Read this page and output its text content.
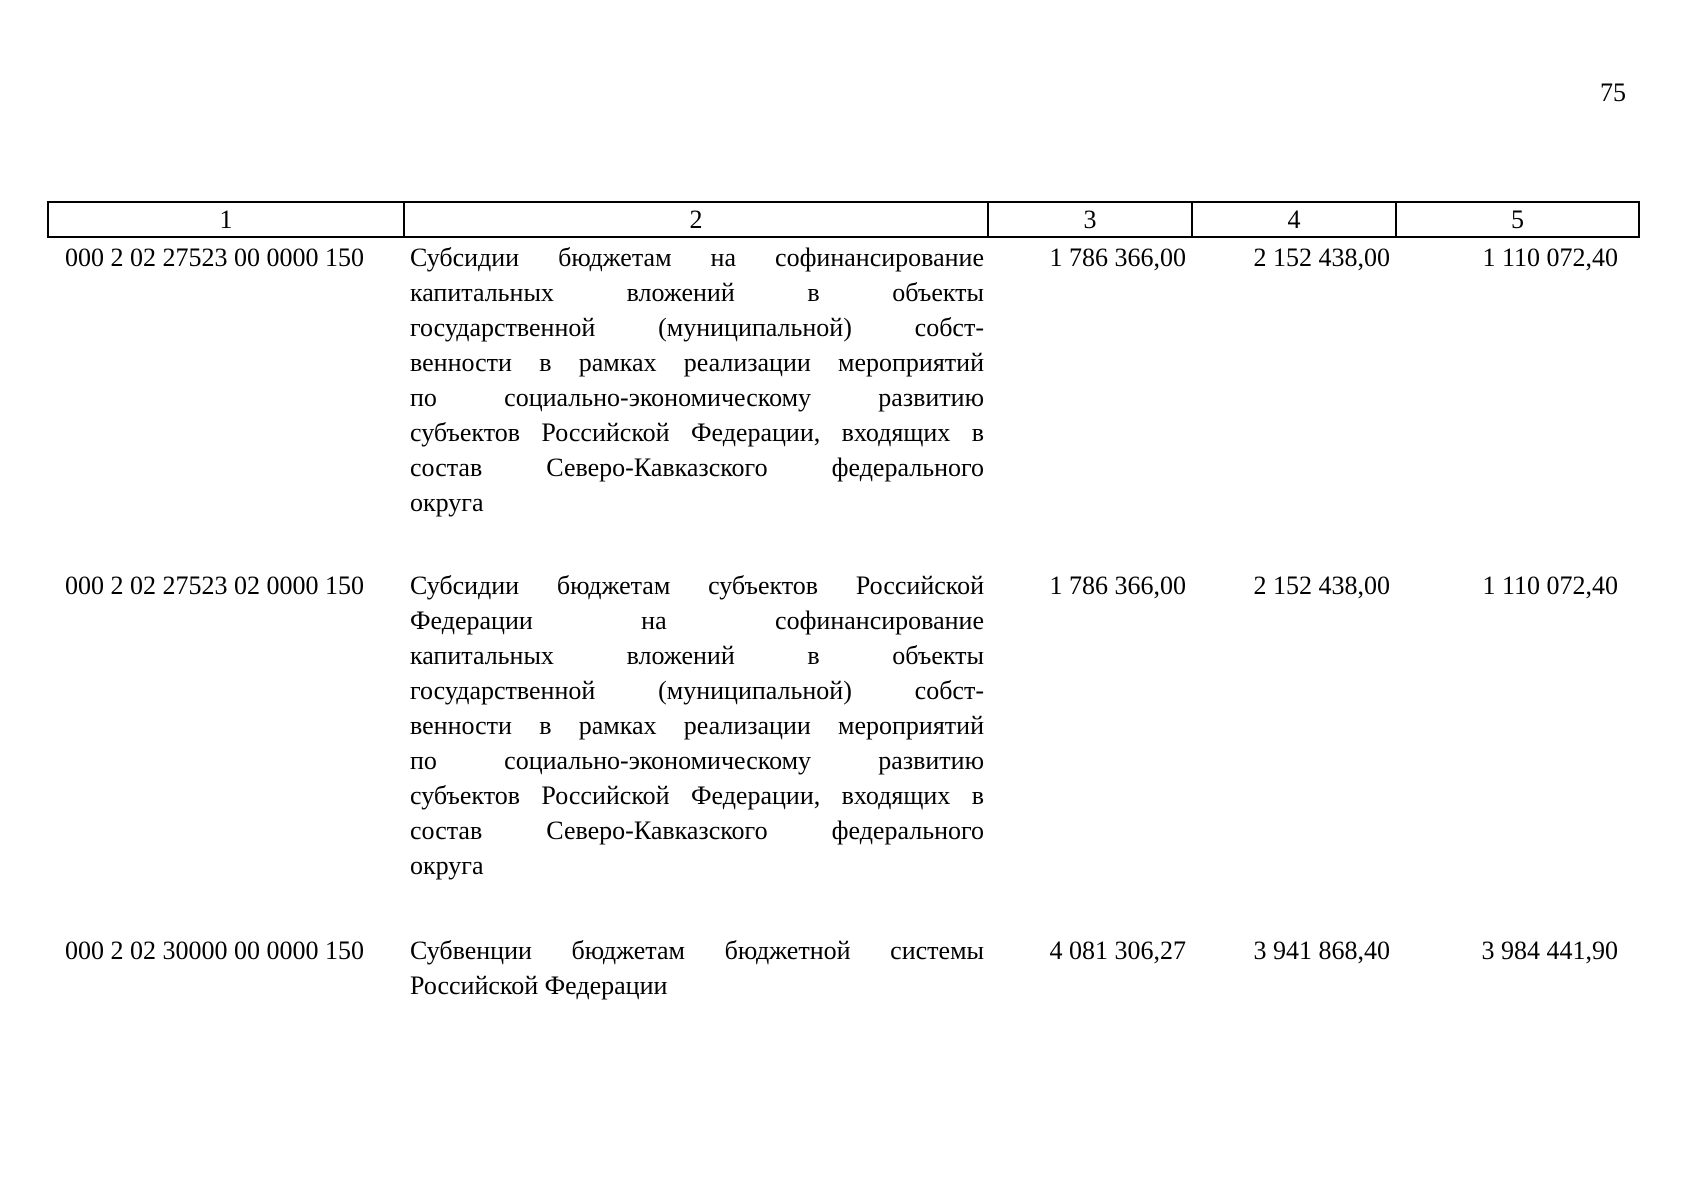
75
1	2	3	4	5
000 2 02 27523 00 0000 150 Субсидии бюджетам на софинансирование
капитальных вложений в объекты
государственной (муниципальной) собст-
венности в рамках реализации мероприятий
по социально-экономическому развитию
субъектов Российской Федерации, входящих в
состав Северо-Кавказского федерального
округа
1 786 366,00	2 152 438,00	1 110 072,40
000 2 02 27523 02 0000 150 Субсидии бюджетам субъектов Российской
Федерации на софинансирование
капитальных вложений в объекты
государственной (муниципальной) собст-
венности в рамках реализации мероприятий
по социально-экономическому развитию
субъектов Российской Федерации, входящих в
состав Северо-Кавказского федерального
округа
1 786 366,00	2 152 438,00	1 110 072,40
000 2 02 30000 00 0000 150 Субвенции бюджетам бюджетной системы
Российской Федерации
4 081 306,27	3 941 868,40	3 984 441,90
